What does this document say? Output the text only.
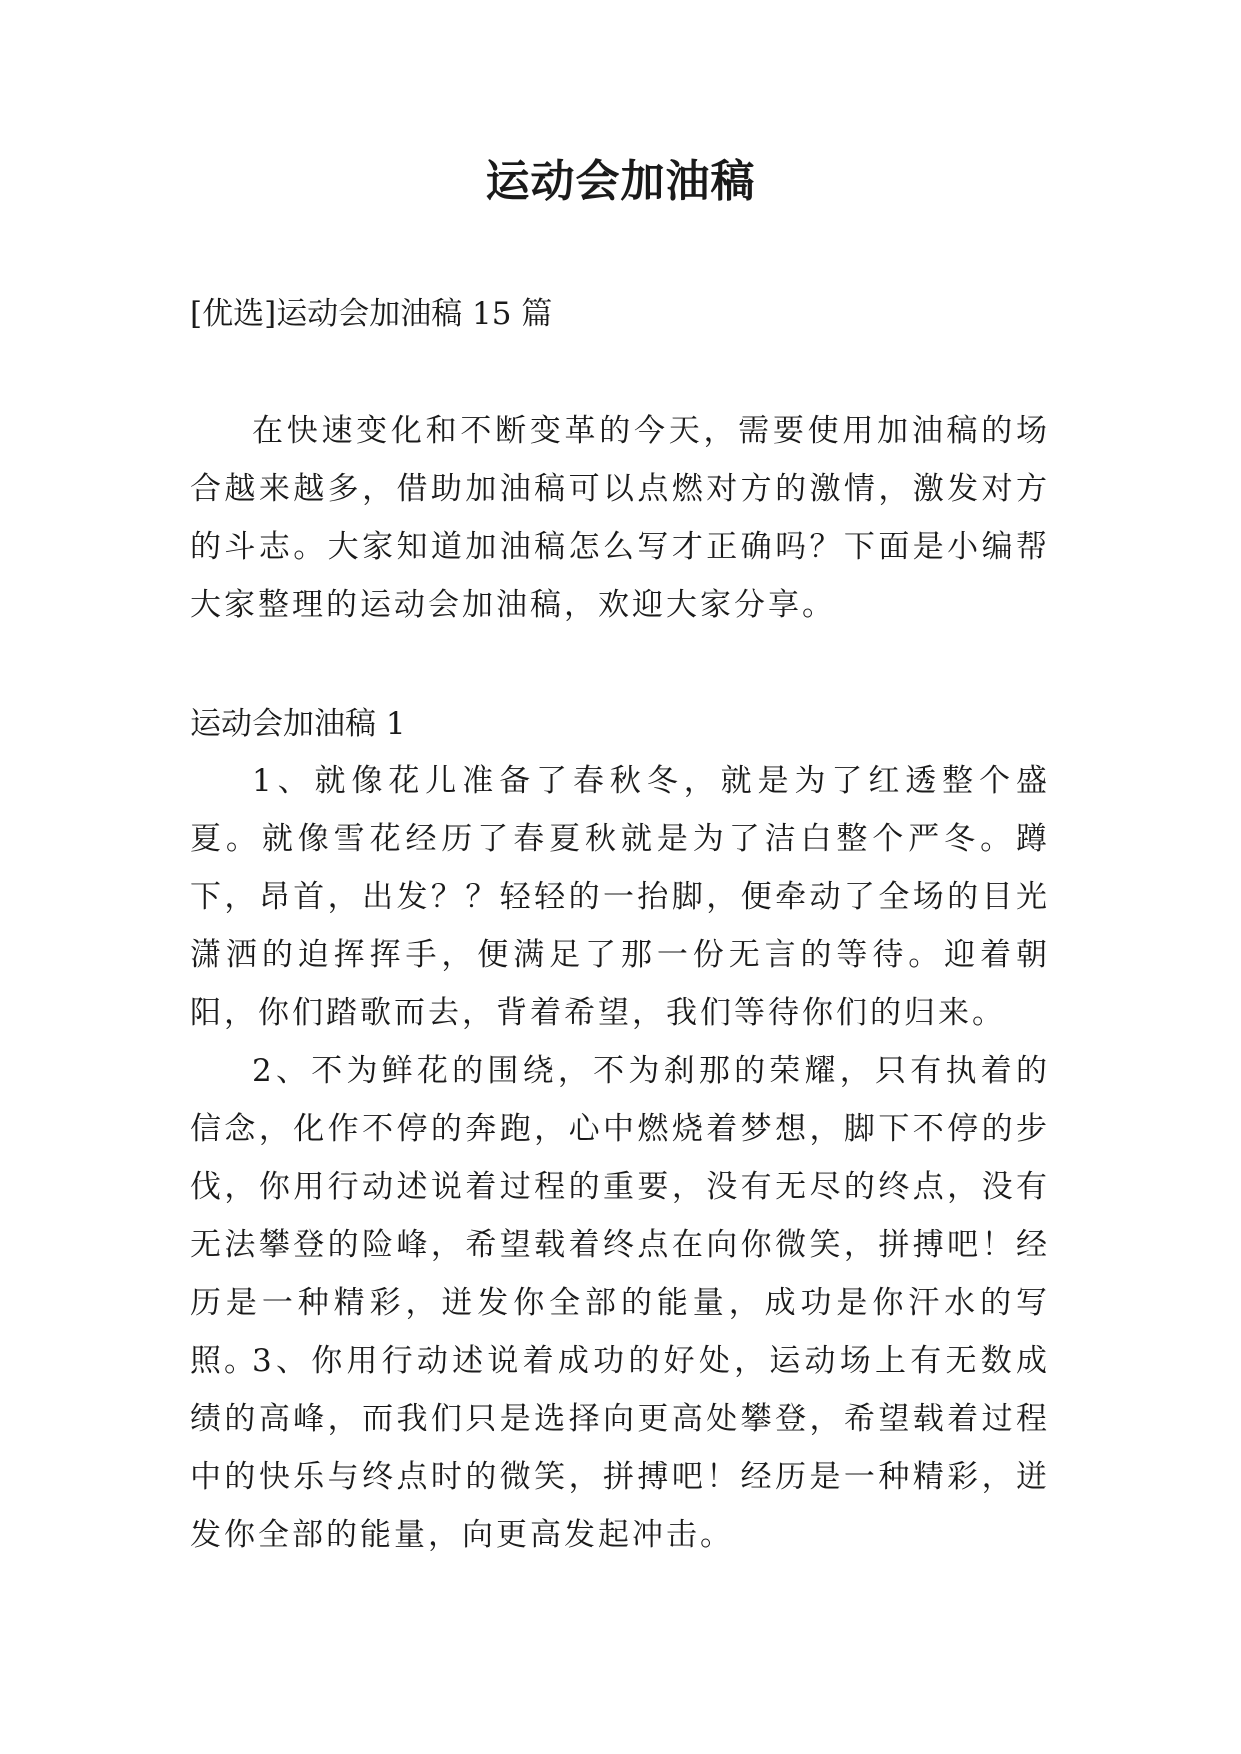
运动会加油稿
[优选]运动会加油稿 15 篇

在快速变化和不断变革的今天，需要使用加油稿的场合越来越多，借助加油稿可以点燃对方的激情，激发对方的斗志。大家知道加油稿怎么写才正确吗？下面是小编帮大家整理的运动会加油稿，欢迎大家分享。

运动会加油稿 1

1、就像花儿准备了春秋冬，就是为了红透整个盛夏。就像雪花经历了春夏秋就是为了洁白整个严冬。蹲下，昂首，出发？？轻轻的一抬脚，便牵动了全场的目光潇洒的迫挥挥手，便满足了那一份无言的等待。迎着朝阳，你们踏歌而去，背着希望，我们等待你们的归来。

2、不为鲜花的围绕，不为刹那的荣耀，只有执着的信念，化作不停的奔跑，心中燃烧着梦想，脚下不停的步伐，你用行动述说着过程的重要，没有无尽的终点，没有无法攀登的险峰，希望载着终点在向你微笑，拼搏吧！经历是一种精彩，迸发你全部的能量，成功是你汗水的写照。

3、你用行动述说着成功的好处，运动场上有无数成绩的高峰，而我们只是选择向更高处攀登，希望载着过程中的快乐与终点时的微笑，拼搏吧！经历是一种精彩，迸发你全部的能量，向更高发起冲击。
